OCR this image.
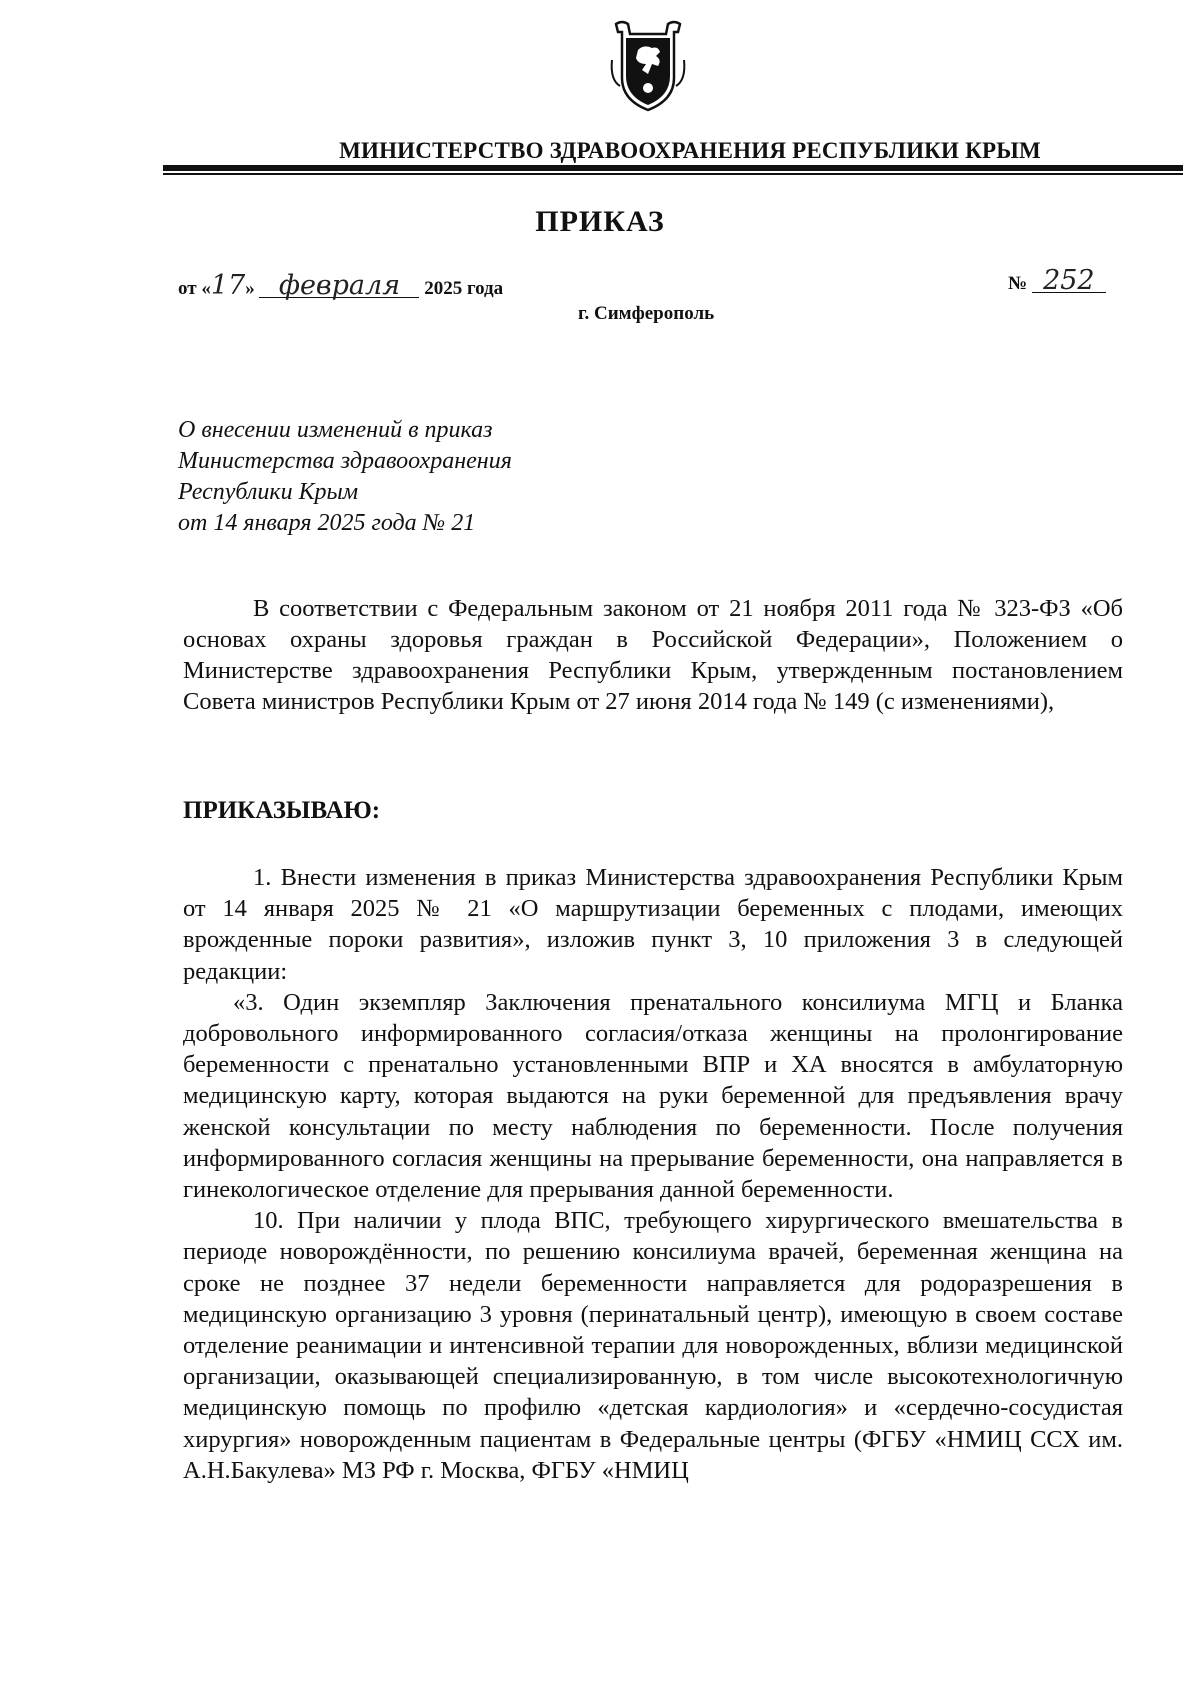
МИНИСТЕРСТВО ЗДРАВООХРАНЕНИЯ РЕСПУБЛИКИ КРЫМ
ПРИКАЗ
от «17» февраля 2025 года	№ 252
г. Симферополь
О внесении изменений в приказ
Министерства здравоохранения
Республики Крым
от 14 января 2025 года № 21

В соответствии с Федеральным законом от 21 ноября 2011 года № 323-ФЗ «Об основах охраны здоровья граждан в Российской Федерации», Положением о Министерстве здравоохранения Республики Крым, утвержденным постановлением Совета министров Республики Крым от 27 июня 2014 года № 149 (с изменениями),

ПРИКАЗЫВАЮ:

1. Внести изменения в приказ Министерства здравоохранения Республики Крым от 14 января 2025 № 21 «О маршрутизации беременных с плодами, имеющих врожденные пороки развития», изложив пункт 3, 10 приложения 3 в следующей редакции:

«3. Один экземпляр Заключения пренатального консилиума МГЦ и Бланка добровольного информированного согласия/отказа женщины на пролонгирование беременности с пренатально установленными ВПР и ХА вносятся в амбулаторную медицинскую карту, которая выдаются на руки беременной для предъявления врачу женской консультации по месту наблюдения по беременности. После получения информированного согласия женщины на прерывание беременности, она направляется в гинекологическое отделение для прерывания данной беременности.

10. При наличии у плода ВПС, требующего хирургического вмешательства в периоде новорождённости, по решению консилиума врачей, беременная женщина на сроке не позднее 37 недели беременности направляется для родоразрешения в медицинскую организацию 3 уровня (перинатальный центр), имеющую в своем составе отделение реанимации и интенсивной терапии для новорожденных, вблизи медицинской организации, оказывающей специализированную, в том числе высокотехнологичную медицинскую помощь по профилю «детская кардиология» и «сердечно-сосудистая хирургия» новорожденным пациентам в Федеральные центры (ФГБУ «НМИЦ ССХ им. А.Н.Бакулева» МЗ РФ г. Москва, ФГБУ «НМИЦ
